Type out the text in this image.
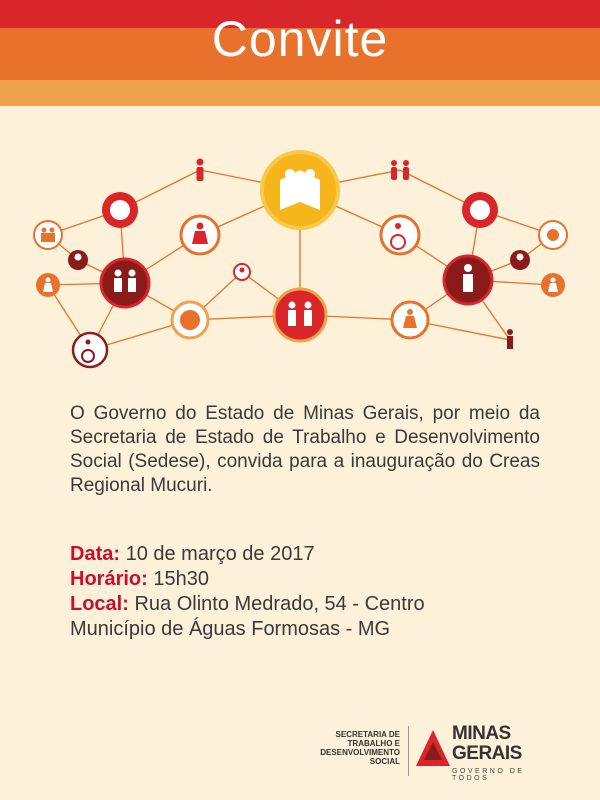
Convite
O Governo do Estado de Minas Gerais, por meio da Secretaria de Estado de Trabalho e Desenvolvimento Social (Sedese), convida para a inauguração do Creas Regional Mucuri.
Data: 10 de março de 2017
Horário: 15h30
Local: Rua Olinto Medrado, 54 - Centro
Município de Águas Formosas - MG
SECRETARIA DE
TRABALHO E
DESENVOLVIMENTO
SOCIAL
MINAS
GERAIS
GOVERNO DE TODOS
